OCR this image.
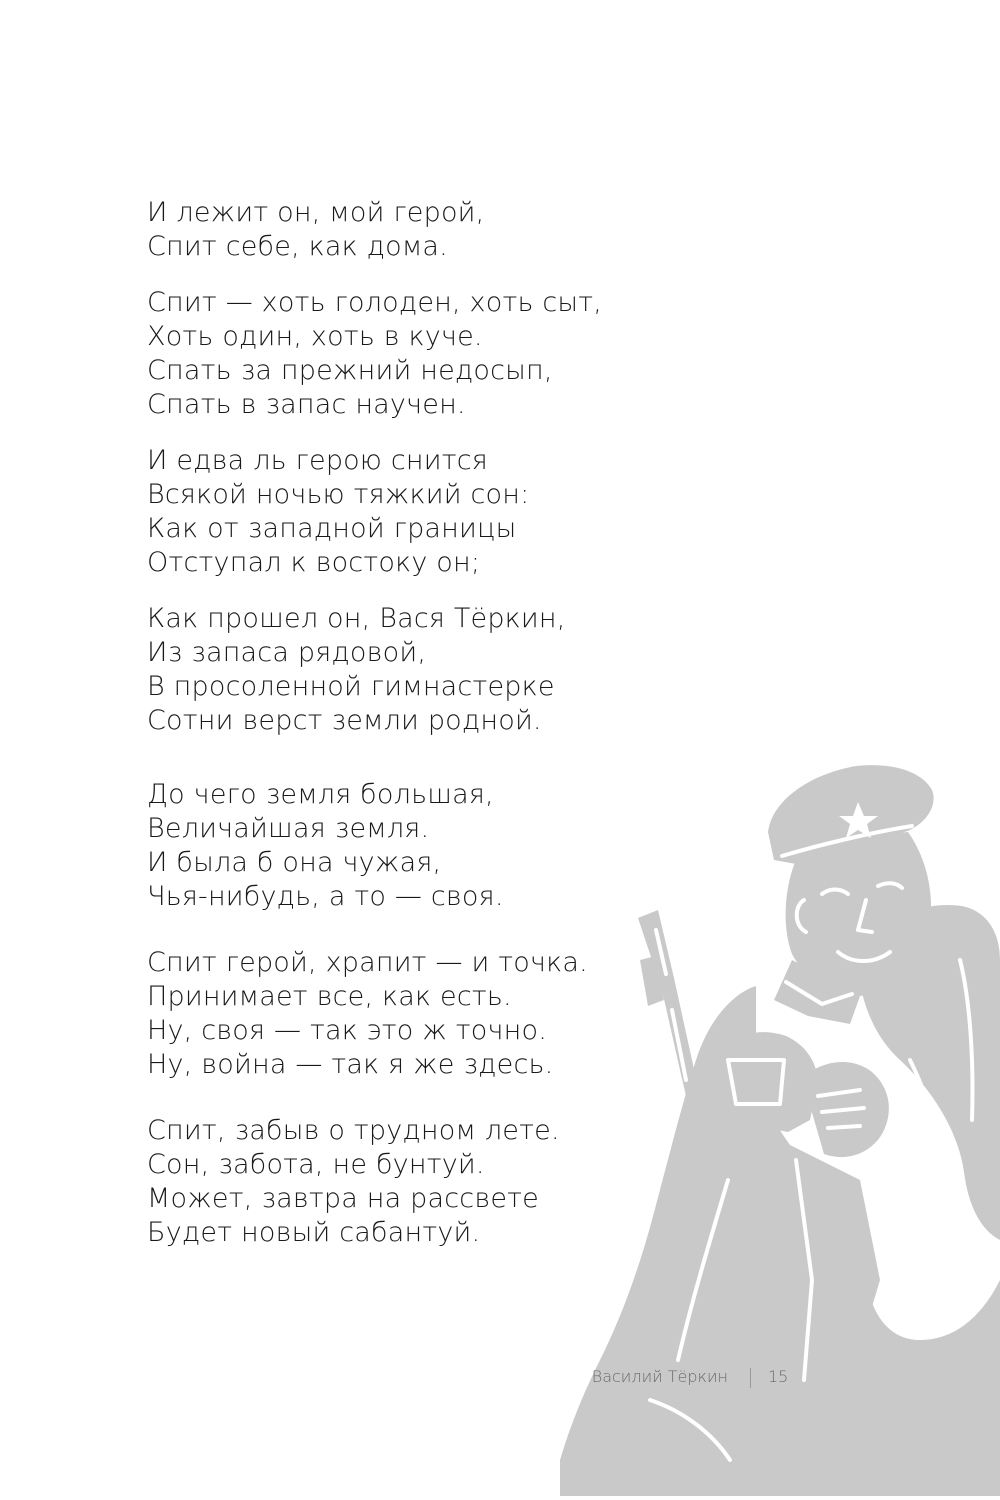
И лежит он, мой герой,
Спит себе, как дома.
Спит — хоть голоден, хоть сыт,
Хоть один, хоть в куче.
Спать за прежний недосып,
Спать в запас научен.
И едва ль герою снится
Всякой ночью тяжкий сон:
Как от западной границы
Отступал к востоку он;
Как прошел он, Вася Тёркин,
Из запаса рядовой,
В просоленной гимнастерке
Сотни верст земли родной.
До чего земля большая,
Величайшая земля.
И была б она чужая,
Чья-нибудь, а то — своя.
Спит герой, храпит — и точка.
Принимает все, как есть.
Ну, своя — так это ж точно.
Ну, война — так я же здесь.
Спит, забыв о трудном лете.
Сон, забота, не бунтуй.
Может, завтра на рассвете
Будет новый сабантуй.
Василий Тёркин	15
